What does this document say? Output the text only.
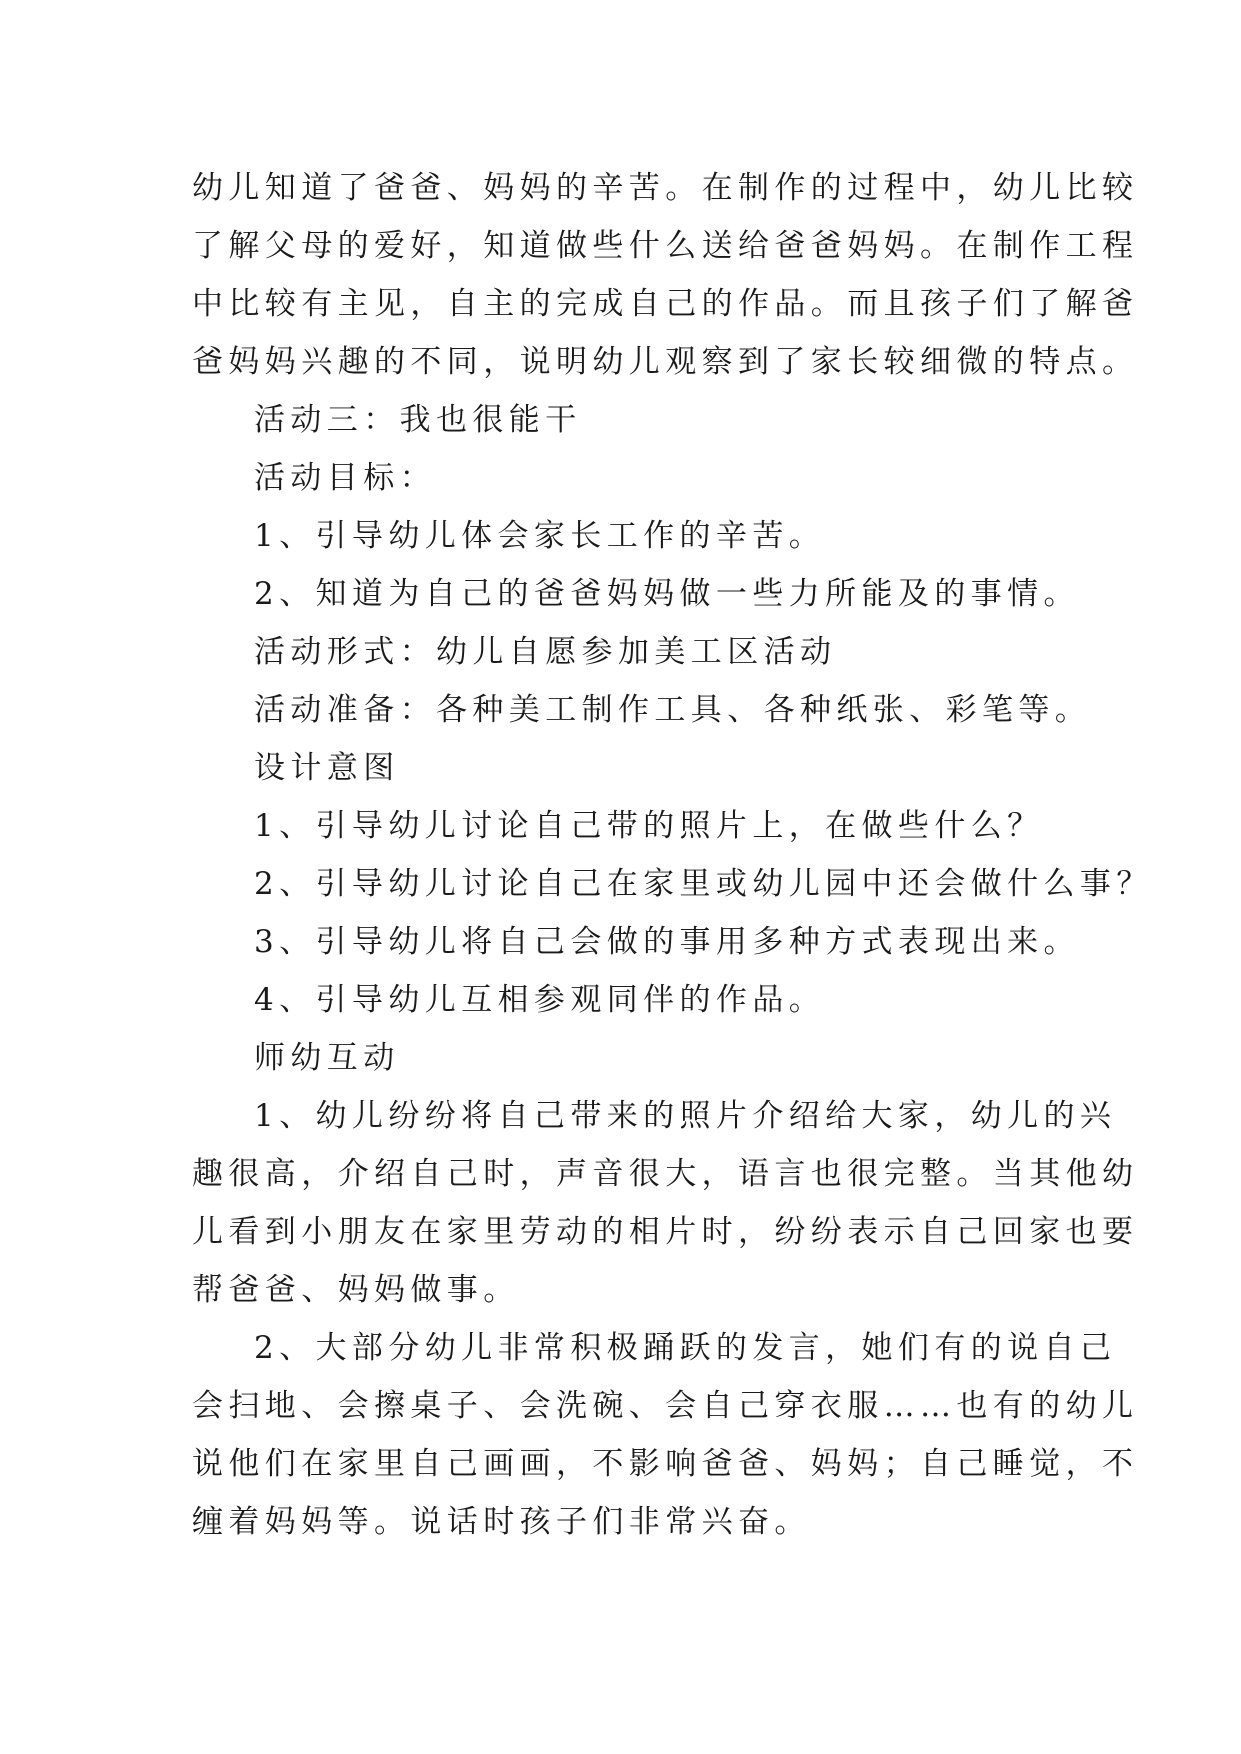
幼儿知道了爸爸、妈妈的辛苦。在制作的过程中，幼儿比较
了解父母的爱好，知道做些什么送给爸爸妈妈。在制作工程
中比较有主见，自主的完成自己的作品。而且孩子们了解爸
爸妈妈兴趣的不同，说明幼儿观察到了家长较细微的特点。
活动三：我也很能干
活动目标：
1、引导幼儿体会家长工作的辛苦。
2、知道为自己的爸爸妈妈做一些力所能及的事情。
活动形式：幼儿自愿参加美工区活动
活动准备：各种美工制作工具、各种纸张、彩笔等。
设计意图
1、引导幼儿讨论自己带的照片上，在做些什么？
2、引导幼儿讨论自己在家里或幼儿园中还会做什么事？
3、引导幼儿将自己会做的事用多种方式表现出来。
4、引导幼儿互相参观同伴的作品。
师幼互动
1、幼儿纷纷将自己带来的照片介绍给大家，幼儿的兴
趣很高，介绍自己时，声音很大，语言也很完整。当其他幼
儿看到小朋友在家里劳动的相片时，纷纷表示自己回家也要
帮爸爸、妈妈做事。
2、大部分幼儿非常积极踊跃的发言，她们有的说自己
会扫地、会擦桌子、会洗碗、会自己穿衣服……也有的幼儿
说他们在家里自己画画，不影响爸爸、妈妈；自己睡觉，不
缠着妈妈等。说话时孩子们非常兴奋。
